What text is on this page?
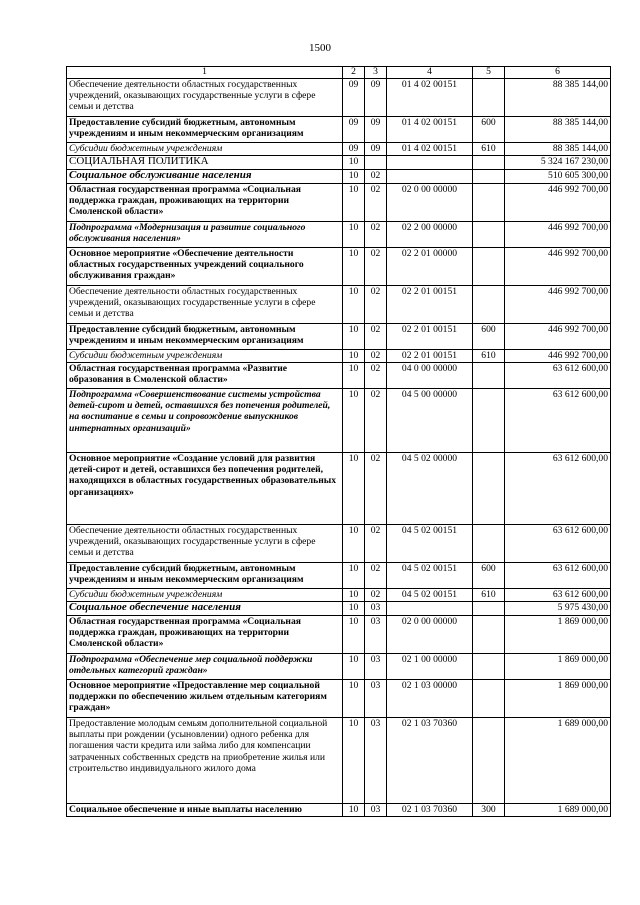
1500
1	2	3	4	5	6
Обеспечение деятельности областных государственных учреждений, оказывающих государственные услуги в сфере семьи и детства	09	09	01 4 02 00151		88 385 144,00
Предоставление субсидий бюджетным, автономным учреждениям и иным некоммерческим организациям	09	09	01 4 02 00151	600	88 385 144,00
Субсидии бюджетным учреждениям	09	09	01 4 02 00151	610	88 385 144,00
СОЦИАЛЬНАЯ ПОЛИТИКА	10				5 324 167 230,00
Социальное обслуживание населения	10	02			510 605 300,00
Областная государственная программа «Социальная поддержка граждан, проживающих на территории Смоленской области»	10	02	02 0 00 00000		446 992 700,00
Подпрограмма «Модернизация и развитие социального обслуживания населения»	10	02	02 2 00 00000		446 992 700,00
Основное мероприятие «Обеспечение деятельности областных государственных учреждений социального обслуживания граждан»	10	02	02 2 01 00000		446 992 700,00
Обеспечение деятельности областных государственных учреждений, оказывающих государственные услуги в сфере семьи и детства	10	02	02 2 01 00151		446 992 700,00
Предоставление субсидий бюджетным, автономным учреждениям и иным некоммерческим организациям	10	02	02 2 01 00151	600	446 992 700,00
Субсидии бюджетным учреждениям	10	02	02 2 01 00151	610	446 992 700,00
Областная государственная программа «Развитие образования в Смоленской области»	10	02	04 0 00 00000		63 612 600,00
Подпрограмма «Совершенствование системы устройства детей-сирот и детей, оставшихся без попечения родителей, на воспитание в семьи и сопровождение выпускников интернатных организаций»	10	02	04 5 00 00000		63 612 600,00
Основное мероприятие «Создание условий для развития детей-сирот и детей, оставшихся без попечения родителей, находящихся в областных государственных образовательных организациях»	10	02	04 5 02 00000		63 612 600,00
Обеспечение деятельности областных государственных учреждений, оказывающих государственные услуги в сфере семьи и детства	10	02	04 5 02 00151		63 612 600,00
Предоставление субсидий бюджетным, автономным учреждениям и иным некоммерческим организациям	10	02	04 5 02 00151	600	63 612 600,00
Субсидии бюджетным учреждениям	10	02	04 5 02 00151	610	63 612 600,00
Социальное обеспечение населения	10	03			5 975 430,00
Областная государственная программа «Социальная поддержка граждан, проживающих на территории Смоленской области»	10	03	02 0 00 00000		1 869 000,00
Подпрограмма «Обеспечение мер социальной поддержки отдельных категорий граждан»	10	03	02 1 00 00000		1 869 000,00
Основное мероприятие «Предоставление мер социальной поддержки по обеспечению жильем отдельным категориям граждан»	10	03	02 1 03 00000		1 869 000,00
Предоставление молодым семьям дополнительной социальной выплаты при рождении (усыновлении) одного ребенка для погашения части кредита или займа либо для компенсации затраченных собственных средств на приобретение жилья или строительство индивидуального жилого дома	10	03	02 1 03 70360		1 689 000,00
Социальное обеспечение и иные выплаты населению	10	03	02 1 03 70360	300	1 689 000,00
